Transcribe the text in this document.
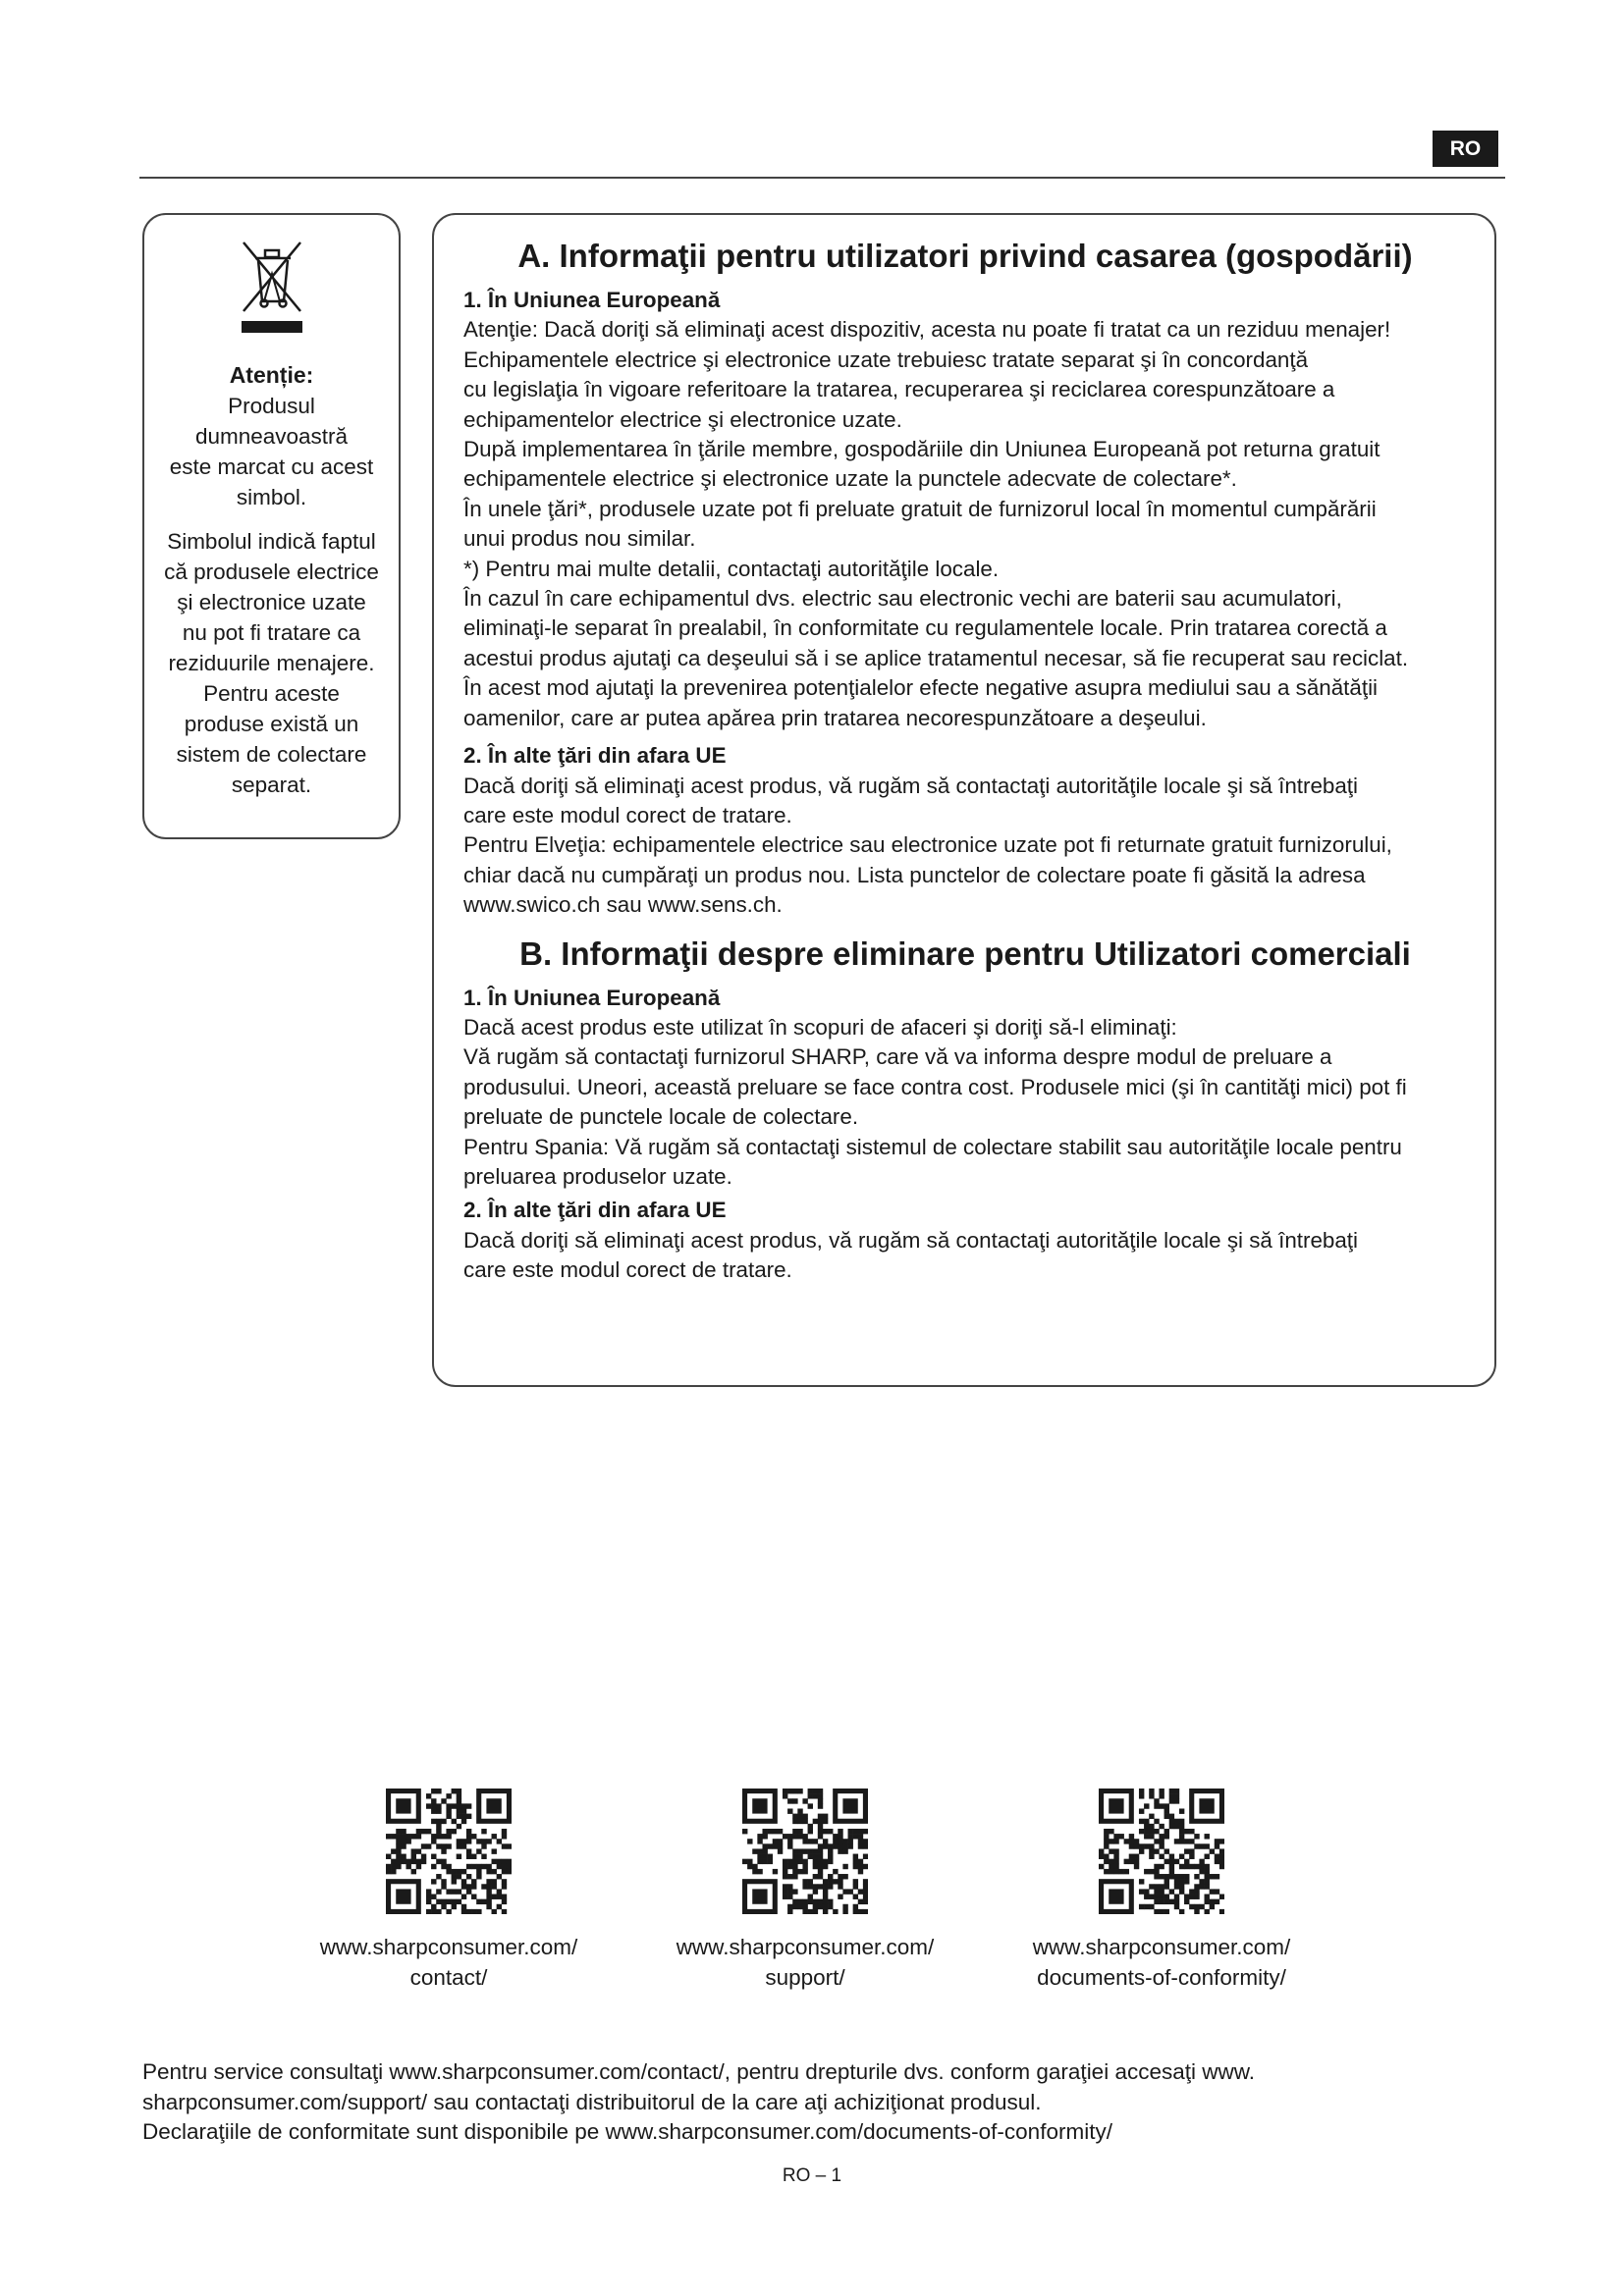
RO
Atenție:
Produsul
dumneavoastră
este marcat cu acest
simbol.
Simbolul indică faptul
că produsele electrice
şi electronice uzate
nu pot fi tratare ca
reziduurile menajere.
Pentru aceste
produse există un
sistem de colectare
separat.
A. Informaţii pentru utilizatori privind casarea (gospodării)
1. În Uniunea Europeană

Atenţie: Dacă doriţi să eliminaţi acest dispozitiv, acesta nu poate fi tratat ca un reziduu menajer!

Echipamentele electrice şi electronice uzate trebuiesc tratate separat şi în concordanţă

cu legislaţia în vigoare referitoare la tratarea, recuperarea şi reciclarea corespunzătoare a

echipamentelor electrice şi electronice uzate.

După implementarea în ţările membre, gospodăriile din Uniunea Europeană pot returna gratuit

echipamentele electrice şi electronice uzate la punctele adecvate de colectare*.

În unele ţări*, produsele uzate pot fi preluate gratuit de furnizorul local în momentul cumpărării

unui produs nou similar.

*) Pentru mai multe detalii, contactaţi autorităţile locale.

În cazul în care echipamentul dvs. electric sau electronic vechi are baterii sau acumulatori,

eliminaţi-le separat în prealabil, în conformitate cu regulamentele locale. Prin tratarea corectă a

acestui produs ajutaţi ca deşeului să i se aplice tratamentul necesar, să fie recuperat sau reciclat.

În acest mod ajutaţi la prevenirea potenţialelor efecte negative asupra mediului sau a sănătăţii

oamenilor, care ar putea apărea prin tratarea necorespunzătoare a deşeului.

2. În alte ţări din afara UE

Dacă doriţi să eliminaţi acest produs, vă rugăm să contactaţi autorităţile locale şi să întrebaţi

care este modul corect de tratare.

Pentru Elveţia: echipamentele electrice sau electronice uzate pot fi returnate gratuit furnizorului,

chiar dacă nu cumpăraţi un produs nou. Lista punctelor de colectare poate fi găsită la adresa

www.swico.ch sau www.sens.ch.

B. Informaţii despre eliminare pentru Utilizatori comerciali
1. În Uniunea Europeană

Dacă acest produs este utilizat în scopuri de afaceri şi doriţi să-l eliminaţi:

Vă rugăm să contactaţi furnizorul SHARP, care vă va informa despre modul de preluare a

produsului. Uneori, această preluare se face contra cost. Produsele mici (şi în cantităţi mici) pot fi

preluate de punctele locale de colectare.

Pentru Spania: Vă rugăm să contactaţi sistemul de colectare stabilit sau autorităţile locale pentru

preluarea produselor uzate.

2. În alte ţări din afara UE

Dacă doriţi să eliminaţi acest produs, vă rugăm să contactaţi autorităţile locale şi să întrebaţi

care este modul corect de tratare.

www.sharpconsumer.com/
contact/
www.sharpconsumer.com/
support/
www.sharpconsumer.com/
documents-of-conformity/

Pentru service consultaţi www.sharpconsumer.com/contact/, pentru drepturile dvs. conform garaţiei accesaţi www.

sharpconsumer.com/support/ sau contactaţi distribuitorul de la care aţi achiziţionat produsul.

Declaraţiile de conformitate sunt disponibile pe www.sharpconsumer.com/documents-of-conformity/

RO – 1
